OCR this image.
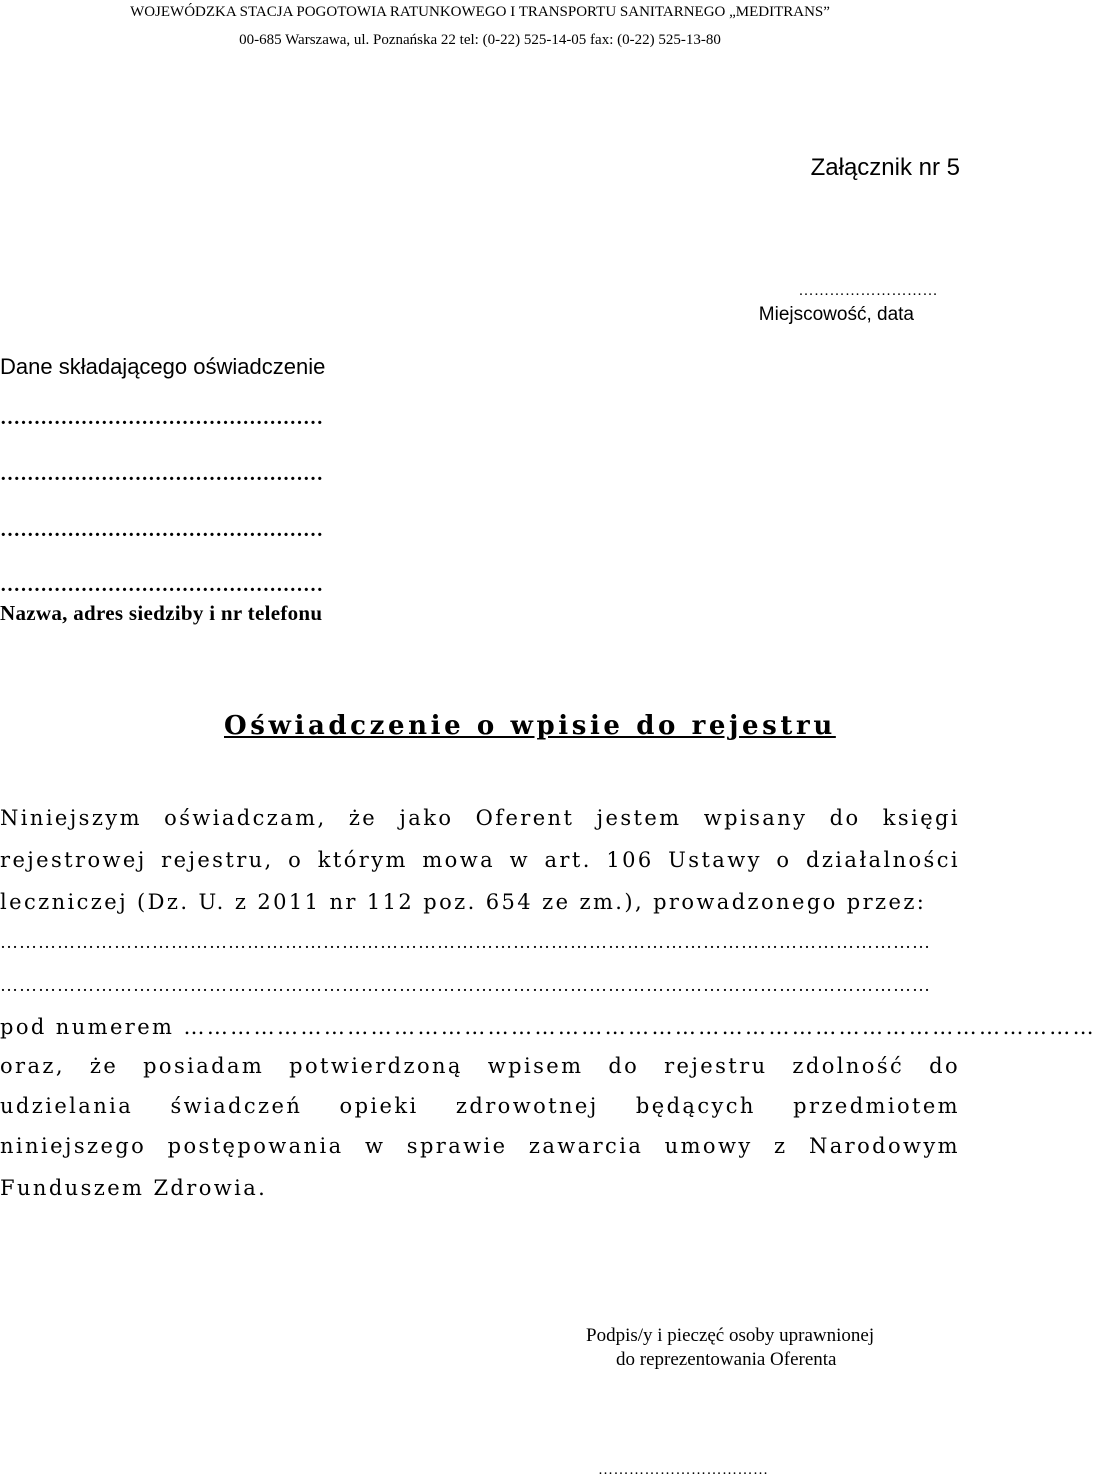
WOJEWÓDZKA STACJA POGOTOWIA RATUNKOWEGO I TRANSPORTU SANITARNEGO „MEDITRANS”
00-685 Warszawa, ul. Poznańska 22 tel: (0-22) 525-14-05 fax: (0-22) 525-13-80
Załącznik nr 5
………………………
Miejscowość, data
Dane składającego oświadczenie
…………………………………………
…………………………………………
…………………………………………
…………………………………………
Nazwa, adres siedziby i nr telefonu
Oświadczenie o wpisie do rejestru
Niniejszym oświadczam, że jako Oferent jestem wpisany do księgi
rejestrowej rejestru, o którym mowa w art. 106 Ustawy o działalności
leczniczej (Dz. U. z 2011 nr 112 poz. 654 ze zm.), prowadzonego przez:
…………………………………………………………………………………………………………………………………
…………………………………………………………………………………………………………………………………
pod numerem ………………………………………………………………………………………………………
oraz, że posiadam potwierdzoną wpisem do rejestru zdolność do
udzielania świadczeń opieki zdrowotnej będących przedmiotem
niniejszego postępowania w sprawie zawarcia umowy z Narodowym
Funduszem Zdrowia.
Podpis/y i pieczęć osoby uprawnionej
do reprezentowania Oferenta
……………………………
